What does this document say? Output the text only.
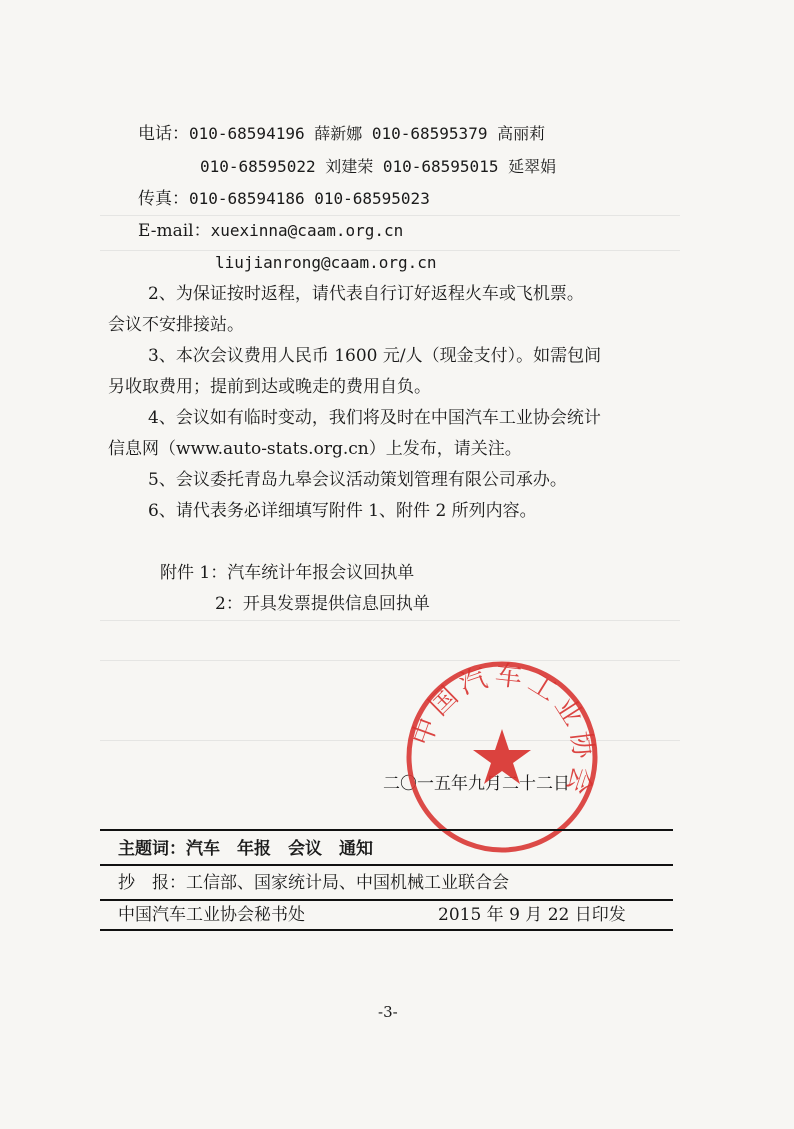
电话：010-68594196 薛新娜 010-68595379 高丽莉
010-68595022 刘建荣 010-68595015 延翠娟
传真：010-68594186 010-68595023
E-mail：xuexinna@caam.org.cn
liujianrong@caam.org.cn
2、为保证按时返程，请代表自行订好返程火车或飞机票。
会议不安排接站。
3、本次会议费用人民币 1600 元/人（现金支付）。如需包间
另收取费用；提前到达或晚走的费用自负。
4、会议如有临时变动，我们将及时在中国汽车工业协会统计
信息网（www.auto-stats.org.cn）上发布，请关注。
5、会议委托青岛九皋会议活动策划管理有限公司承办。
6、请代表务必详细填写附件 1、附件 2 所列内容。
附件 1：汽车统计年报会议回执单
2：开具发票提供信息回执单
二〇一五年九月二十二日
中国汽车工业协会
主题词：汽车　年报　会议　通知
抄　报：工信部、国家统计局、中国机械工业联合会
中国汽车工业协会秘书处	2015 年 9 月 22 日印发
-3-
